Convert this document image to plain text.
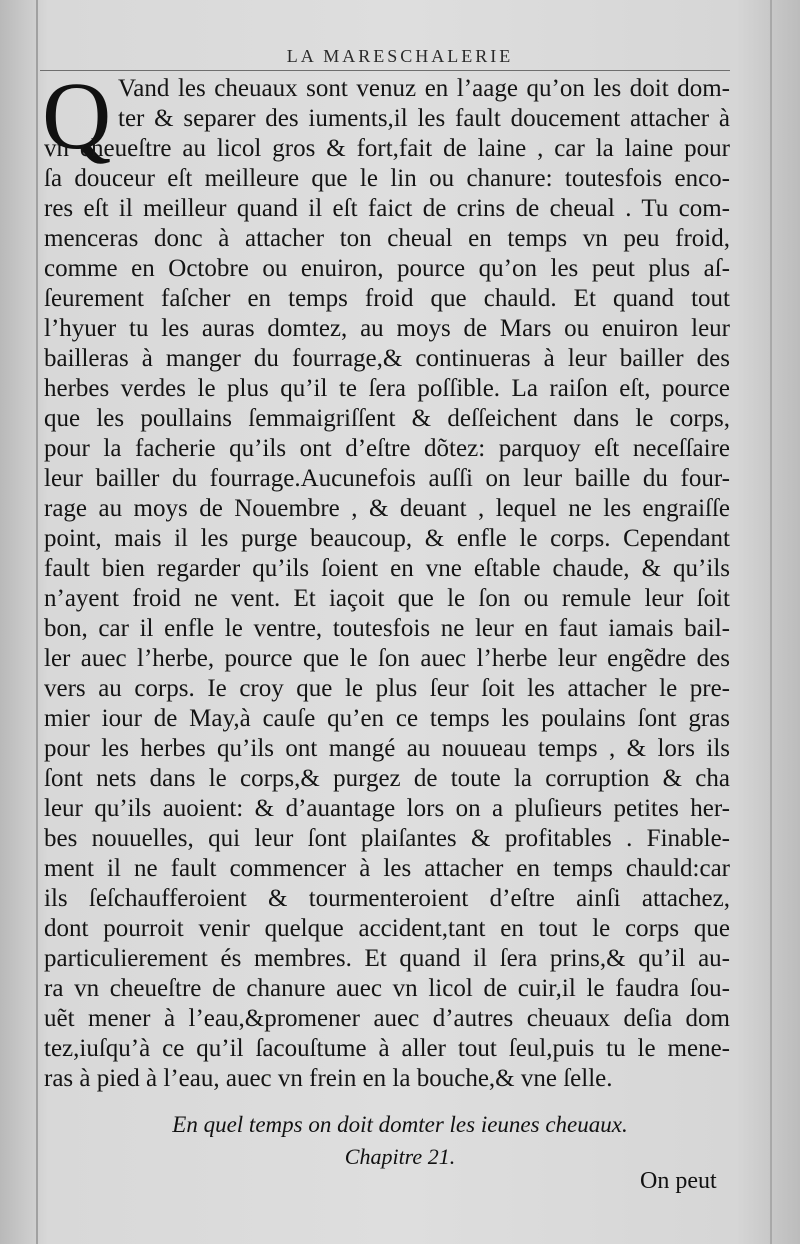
LA MARESCHALERIE
Q Vand les cheuaux sont venuz en l’aage qu’on les doit dom-
ter & separer des iuments,il les fault doucement attacher à
vn cheueſtre au licol gros & fort,fait de laine , car la laine pour
ſa douceur eſt meilleure que le lin ou chanure: toutesfois enco-
res eſt il meilleur quand il eſt faict de crins de cheual . Tu com-
menceras donc à attacher ton cheual en temps vn peu froid,
comme en Octobre ou enuiron, pource qu’on les peut plus aſ-
ſeurement faſcher en temps froid que chauld. Et quand tout
l’hyuer tu les auras domtez, au moys de Mars ou enuiron leur
bailleras à manger du fourrage,& continueras à leur bailler des
herbes verdes le plus qu’il te ſera poſſible. La raiſon eſt, pource
que les poullains ſemmaigriſſent & deſſeichent dans le corps,
pour la facherie qu’ils ont d’eſtre dõtez: parquoy eſt neceſſaire
leur bailler du fourrage.Aucunefois auſſi on leur baille du four-
rage au moys de Nouembre , & deuant , lequel ne les engraiſſe
point, mais il les purge beaucoup, & enfle le corps. Cependant
fault bien regarder qu’ils ſoient en vne eſtable chaude, & qu’ils
n’ayent froid ne vent. Et iaçoit que le ſon ou remule leur ſoit
bon, car il enfle le ventre, toutesfois ne leur en faut iamais bail-
ler auec l’herbe, pource que le ſon auec l’herbe leur engẽdre des
vers au corps. Ie croy que le plus ſeur ſoit les attacher le pre-
mier iour de May,à cauſe qu’en ce temps les poulains ſont gras
pour les herbes qu’ils ont mangé au nouueau temps , & lors ils
ſont nets dans le corps,& purgez de toute la corruption & cha
leur qu’ils auoient: & d’auantage lors on a pluſieurs petites her-
bes nouuelles, qui leur ſont plaiſantes & profitables . Finable-
ment il ne fault commencer à les attacher en temps chauld:car
ils ſeſchaufferoient & tourmenteroient d’eſtre ainſi attachez,
dont pourroit venir quelque accident,tant en tout le corps que
particulierement és membres. Et quand il ſera prins,& qu’il au-
ra vn cheueſtre de chanure auec vn licol de cuir,il le faudra ſou-
uẽt mener à l’eau,&promener auec d’autres cheuaux deſia dom
tez,iuſqu’à ce qu’il ſacouſtume à aller tout ſeul,puis tu le mene-
ras à pied à l’eau, auec vn frein en la bouche,& vne ſelle.
En quel temps on doit domter les ieunes cheuaux.
Chapitre 21.
On peut
